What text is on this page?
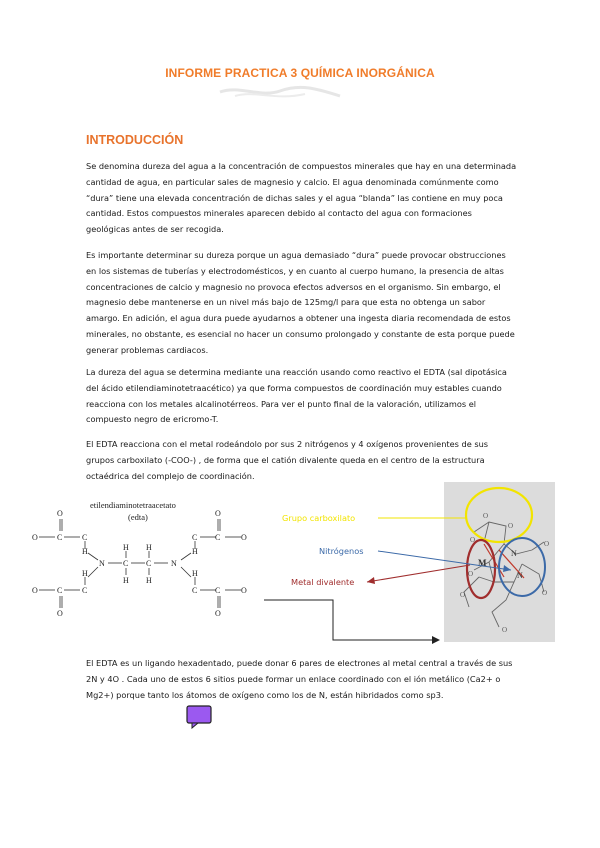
INFORME PRACTICA 3 QUÍMICA INORGÁNICA
INTRODUCCIÓN

Se denomina dureza del agua a la concentración de compuestos minerales que hay en una determinada cantidad de agua, en particular sales de magnesio y calcio. El agua denominada comúnmente como “dura” tiene una elevada concentración de dichas sales y el agua “blanda” las contiene en muy poca cantidad. Estos compuestos minerales aparecen debido al contacto del agua con formaciones geológicas antes de ser recogida.

Es importante determinar su dureza porque un agua demasiado “dura” puede provocar obstrucciones en los sistemas de tuberías y electrodomésticos, y en cuanto al cuerpo humano, la presencia de altas concentraciones de calcio y magnesio no provoca efectos adversos en el organismo. Sin embargo, el magnesio debe mantenerse en un nivel más bajo de 125mg/l para que esta no obtenga un sabor amargo. En adición, el agua dura puede ayudarnos a obtener una ingesta diaria recomendada de estos minerales, no obstante, es esencial no hacer un consumo prolongado y constante de esta porque puede generar problemas cardiacos.

La dureza del agua se determina mediante una reacción usando como reactivo el EDTA (sal dipotásica del ácido etilendiaminotetraacético) ya que forma compuestos de coordinación muy estables cuando reacciona con los metales alcalinotérreos. Para ver el punto final de la valoración, utilizamos el compuesto negro de ericromo-T.

El EDTA reacciona con el metal rodeándolo por sus 2 nitrógenos y 4 oxígenos provenientes de sus grupos carboxilato (-COO-) , de forma que el catión divalente queda en el centro de la estructura octaédrica del complejo de coordinación.

etilendiaminotetraacetato
(edta)
O
O C C
H
N
H
C
H
H
C
H
N
H
C
C
O
O
O
C C	O
H
H
C C	O
O
O
O
O
O
O	O
O
O
M
N
N
Grupo carboxilato
Nitrógenos
Metal divalente

El EDTA es un ligando hexadentado, puede donar 6 pares de electrones al metal central a través de sus 2N y 4O . Cada uno de estos 6 sitios puede formar un enlace coordinado con el ión metálico (Ca2+ o Mg2+) porque tanto los átomos de oxígeno como los de N, están hibridados como sp3.
